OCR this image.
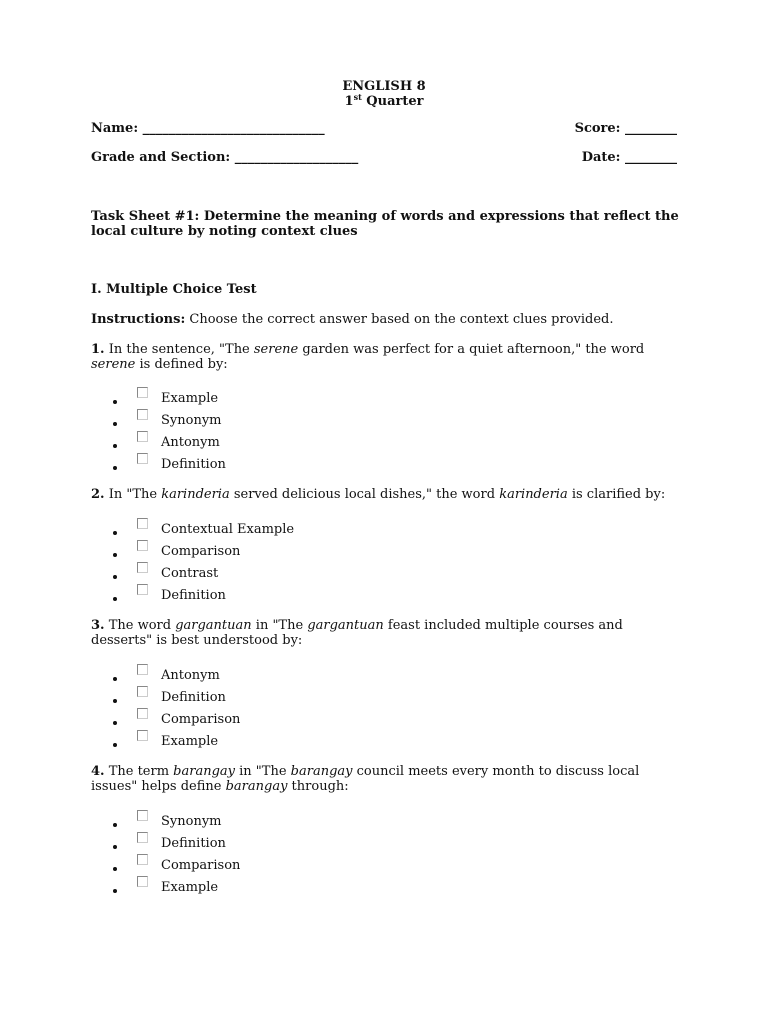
ENGLISH 8
1st Quarter
Name: ____________________________	Score: ________
Grade and Section: ___________________	Date: ________
Task Sheet #1: Determine the meaning of words and expressions that reflect the
local culture by noting context clues
I. Multiple Choice Test
Instructions: Choose the correct answer based on the context clues provided.
1. In the sentence, "The serene garden was perfect for a quiet afternoon," the word
serene is defined by:
Example
Synonym
Antonym
Definition
2. In "The karinderia served delicious local dishes," the word karinderia is clarified by:
Contextual Example
Comparison
Contrast
Definition
3. The word gargantuan in "The gargantuan feast included multiple courses and desserts" is best understood by:
Antonym
Definition
Comparison
Example
4. The term barangay in "The barangay council meets every month to discuss local issues" helps define barangay through:
Synonym
Definition
Comparison
Example
